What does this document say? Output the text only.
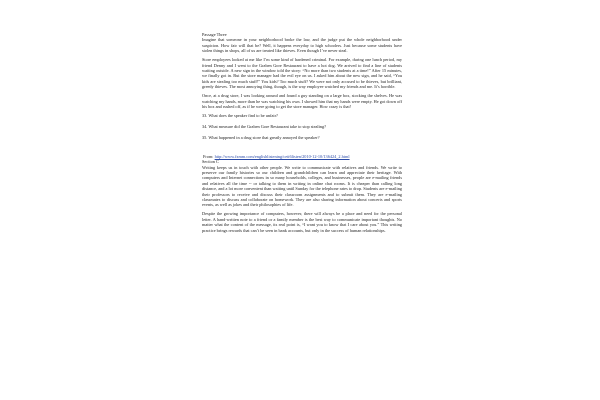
Passage Three

Imagine that someone in your neighborhood broke the law, and the judge put the whole neighborhood under suspicion. How fair will that be? Well, it happens everyday to high schoolers. Just because some students have stolen things in shops, all of us are treated like thieves. Even though I’ve never steal.

Store employees looked at me like I’m some kind of hardened criminal. For example, during one lunch period, my friend Denny and I went to the Graben Gore Restaurant to have a hot dog. We arrived to find a line of students waiting outside. A new sign in the window told the story: “No more than two students at a time!” After 15 minutes, we finally got in. But the store manager had the evil eye on us. I asked him about the new sign, and he said, “You kids are stealing too much stuff!” You kids? Too much stuff? We were not only accused to be thieves, but brilliant, greedy thieves. The most annoying thing, though, is the way employee watched my friends and me. It’s horrible.

Once, at a drug store, I was looking around and found a guy standing on a large box, stocking the shelves. He was watching my hands, more than he was watching his own. I showed him that my hands were empty. He got down off his box and rushed off, as if he were going to get the store manager. How crazy is that!

33. What does the speaker find to be unfair?

34. What measure did the Graben Gore Restaurant take to stop stealing?

35. What happened in a drug store that greatly annoyed the speaker?

From: http://www.fxmm.com/englishlistening/ceti6listen/2010-12-10/136424_2.html

Section C

Writing keeps us in touch with other people. We write to communicate with relatives and friends. We write to preserve our family histories so our children and grandchildren can learn and appreciate their heritage. With computers and Internet connections in so many households, colleges, and businesses, people are e-mailing friends and relatives all the time -- or talking to them in writing in online chat rooms. It is cheaper than calling long distance, and a lot more convenient than waiting until Sunday for the telephone rates to drop. Students are e-mailing their professors to receive and discuss their classroom assignments and to submit them. They are e-mailing classmates to discuss and collaborate on homework. They are also sharing information about concerts and sports events, as well as jokes and their philosophies of life.

Despite the growing importance of computers, however, there will always be a place and need for the personal letter. A hand-written note to a friend or a family member is the best way to communicate important thoughts. No matter what the content of the message, its real point is, “I want you to know that I care about you.” This writing practice brings rewards that can’t be seen in bank accounts, but only in the success of human relationships.
